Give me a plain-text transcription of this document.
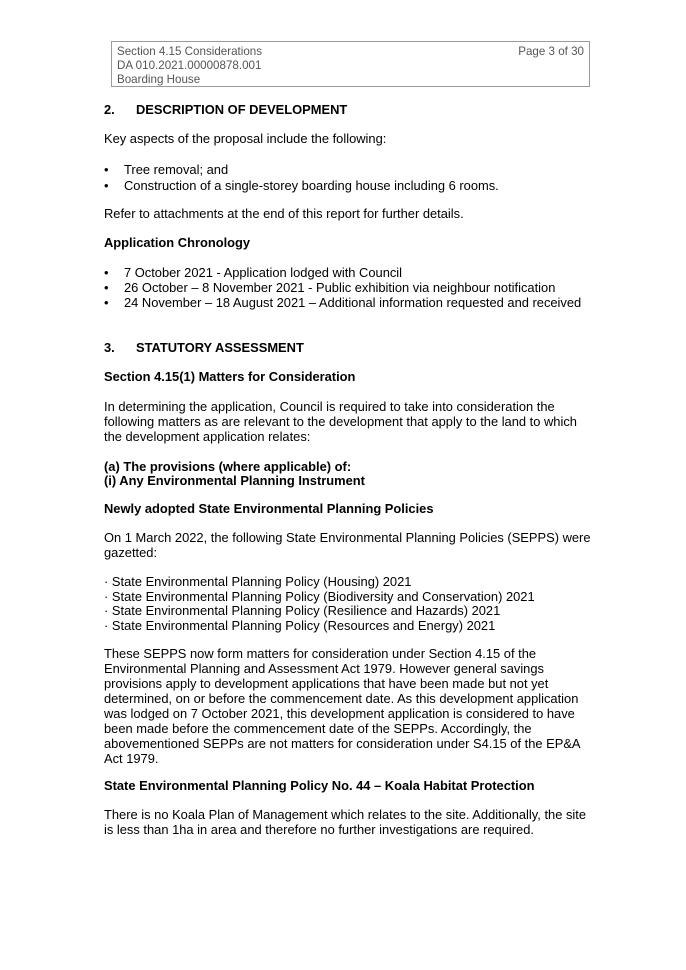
Section 4.15 Considerations
DA 010.2021.00000878.001
Boarding House
Page 3 of 30
2. DESCRIPTION OF DEVELOPMENT
Key aspects of the proposal include the following:
• Tree removal; and
• Construction of a single-storey boarding house including 6 rooms.
Refer to attachments at the end of this report for further details.
Application Chronology
• 7 October 2021 - Application lodged with Council
• 26 October – 8 November 2021 - Public exhibition via neighbour notification
• 24 November – 18 August 2021 – Additional information requested and received
3. STATUTORY ASSESSMENT
Section 4.15(1) Matters for Consideration
In determining the application, Council is required to take into consideration the
following matters as are relevant to the development that apply to the land to which
the development application relates:
(a) The provisions (where applicable) of:
(i) Any Environmental Planning Instrument
Newly adopted State Environmental Planning Policies
On 1 March 2022, the following State Environmental Planning Policies (SEPPS) were
gazetted:
· State Environmental Planning Policy (Housing) 2021
· State Environmental Planning Policy (Biodiversity and Conservation) 2021
· State Environmental Planning Policy (Resilience and Hazards) 2021
· State Environmental Planning Policy (Resources and Energy) 2021
These SEPPS now form matters for consideration under Section 4.15 of the
Environmental Planning and Assessment Act 1979. However general savings
provisions apply to development applications that have been made but not yet
determined, on or before the commencement date. As this development application
was lodged on 7 October 2021, this development application is considered to have
been made before the commencement date of the SEPPs. Accordingly, the
abovementioned SEPPs are not matters for consideration under S4.15 of the EP&A
Act 1979.
State Environmental Planning Policy No. 44 – Koala Habitat Protection
There is no Koala Plan of Management which relates to the site. Additionally, the site
is less than 1ha in area and therefore no further investigations are required.
